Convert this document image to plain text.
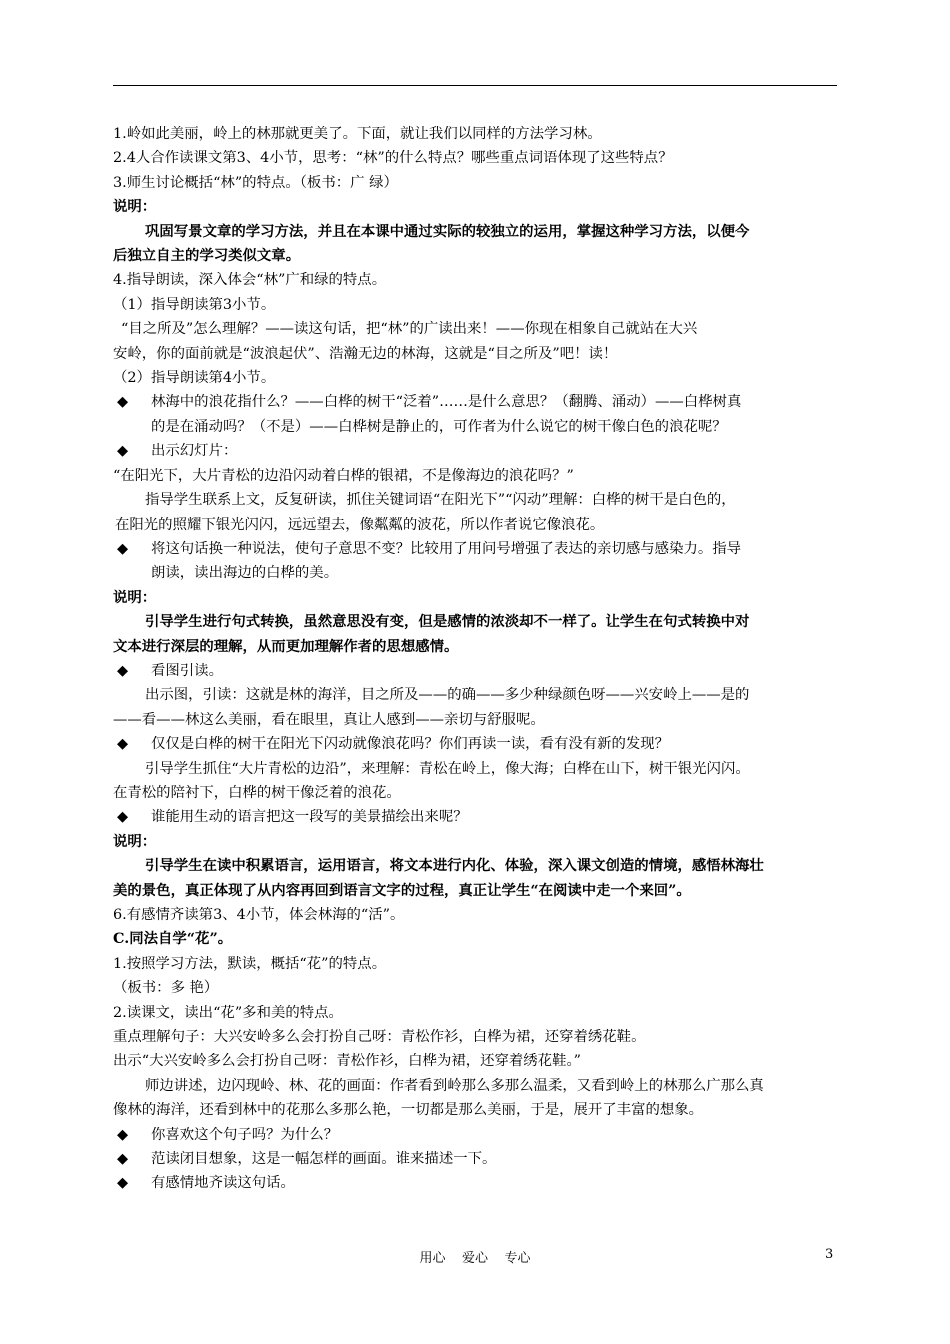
1.岭如此美丽，岭上的林那就更美了。下面，就让我们以同样的方法学习林。
2.4人合作读课文第3、4小节，思考：“林”的什么特点？哪些重点词语体现了这些特点？
3.师生讨论概括“林”的特点。（板书：广 绿）
说明：
巩固写景文章的学习方法，并且在本课中通过实际的较独立的运用，掌握这种学习方法，以便今
后独立自主的学习类似文章。
4.指导朗读，深入体会“林”广和绿的特点。
（1）指导朗读第3小节。
“目之所及”怎么理解？——读这句话，把“林”的广读出来！——你现在相象自己就站在大兴
安岭，你的面前就是“波浪起伏”、浩瀚无边的林海，这就是“目之所及”吧！读！
（2）指导朗读第4小节。
◆	林海中的浪花指什么？——白桦的树干“泛着”……是什么意思？（翻腾、涌动）——白桦树真
的是在涌动吗？（不是）——白桦树是静止的，可作者为什么说它的树干像白色的浪花呢？
◆	出示幻灯片：
“在阳光下，大片青松的边沿闪动着白桦的银裙，不是像海边的浪花吗？”
指导学生联系上文，反复研读，抓住关键词语“在阳光下”“闪动”理解：白桦的树干是白色的，
在阳光的照耀下银光闪闪，远远望去，像粼粼的波花，所以作者说它像浪花。
◆	将这句话换一种说法，使句子意思不变？比较用了用问号增强了表达的亲切感与感染力。指导
朗读，读出海边的白桦的美。
说明：
引导学生进行句式转换，虽然意思没有变，但是感情的浓淡却不一样了。让学生在句式转换中对
文本进行深层的理解，从而更加理解作者的思想感情。
◆	看图引读。
出示图，引读：这就是林的海洋，目之所及——的确——多少种绿颜色呀——兴安岭上——是的
——看——林这么美丽，看在眼里，真让人感到——亲切与舒服呢。
◆	仅仅是白桦的树干在阳光下闪动就像浪花吗？你们再读一读，看有没有新的发现？
引导学生抓住“大片青松的边沿”，来理解：青松在岭上，像大海；白桦在山下，树干银光闪闪。
在青松的陪衬下，白桦的树干像泛着的浪花。
◆	谁能用生动的语言把这一段写的美景描绘出来呢？
说明：
引导学生在读中积累语言，运用语言，将文本进行内化、体验，深入课文创造的情境，感悟林海壮
美的景色，真正体现了从内容再回到语言文字的过程，真正让学生“在阅读中走一个来回”。
6.有感情齐读第3、4小节，体会林海的“活”。
C.同法自学“花”。
1.按照学习方法，默读，概括“花”的特点。
（板书：多 艳）
2.读课文，读出“花”多和美的特点。
重点理解句子：大兴安岭多么会打扮自己呀：青松作衫，白桦为裙，还穿着绣花鞋。
出示“大兴安岭多么会打扮自己呀：青松作衫，白桦为裙，还穿着绣花鞋。”
师边讲述，边闪现岭、林、花的画面：作者看到岭那么多那么温柔，又看到岭上的林那么广那么真
像林的海洋，还看到林中的花那么多那么艳，一切都是那么美丽，于是，展开了丰富的想象。
◆	你喜欢这个句子吗？为什么？
◆	范读闭目想象，这是一幅怎样的画面。谁来描述一下。
◆	有感情地齐读这句话。
用心    爱心    专心	3
